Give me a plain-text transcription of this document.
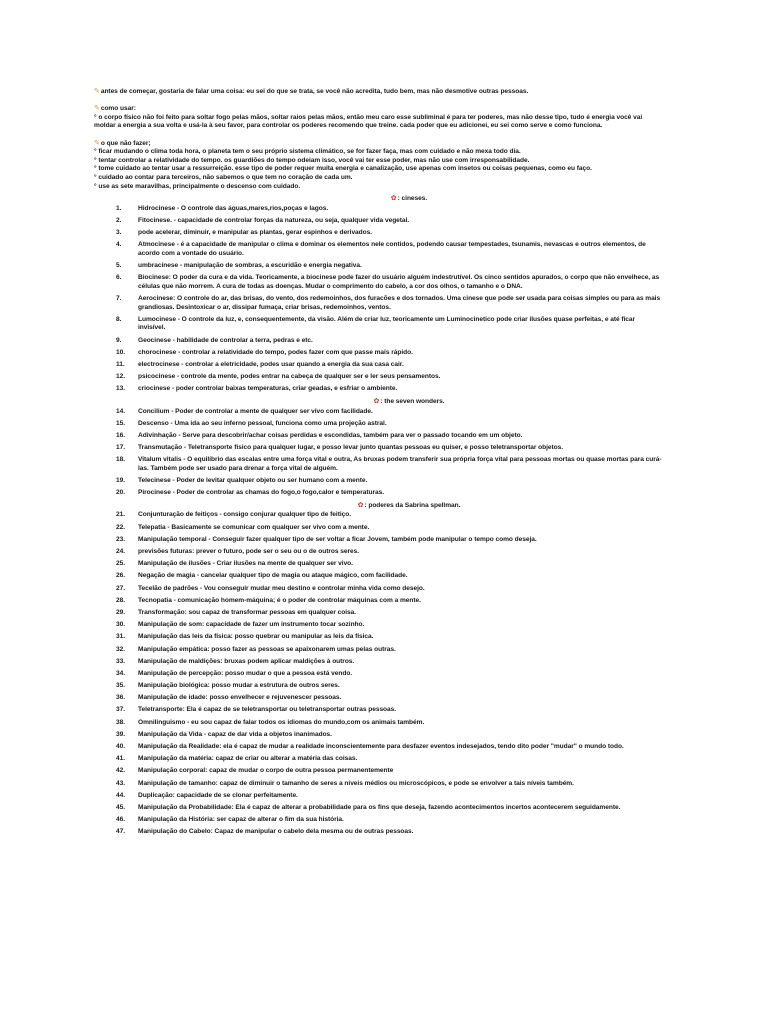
✎antes de começar, gostaria de falar uma coisa: eu sei do que se trata, se você não acredita, tudo bem, mas não desmotive outras pessoas.

✎como usar:

° o corpo físico não foi feito para soltar fogo pelas mãos, soltar raios pelas mãos, então meu caro esse subliminal é para ter poderes, mas não desse tipo, tudo é energia você vai moldar a energia a sua volta e usá-la à seu favor, para controlar os poderes recomendo que treine. cada poder que eu adicionei, eu sei como serve e como funciona.

✎o que não fazer;

° ficar mudando o clima toda hora, o planeta tem o seu próprio sistema climático, se for fazer faça, mas com cuidado e não mexa todo dia.

° tentar controlar a relatividade do tempo. os guardiões do tempo odeiam isso, você vai ter esse poder, mas não use com irresponsabilidade.

° tome cuidado ao tentar usar a ressurreição. esse tipo de poder requer muita energia e canalização, use apenas com insetos ou coisas pequenas, como eu faço.

° cuidado ao contar para terceiros, não sabemos o que tem no coração de cada um.

° use as sete maravilhas, principalmente o descenso com cuidado.

✿: cineses.

1.	Hidrocinese - O controle das águas,mares,rios,poças e lagos.
2.	Fitocinese. - capacidade de controlar forças da natureza, ou seja, qualquer vida vegetal.
3.	pode acelerar, diminuir, e manipular as plantas, gerar espinhos e derivados.
4.	Atmocinese - é a capacidade de manipular o clima e dominar os elementos nele contidos, podendo causar tempestades, tsunamis, nevascas e outros elementos, de acordo com a vontade do usuário.
5.	umbracinese - manipulação de sombras, a escuridão e energia negativa.
6.	Biocinese: O poder da cura e da vida. Teoricamente, a biocinese pode fazer do usuário alguém indestrutível. Os cinco sentidos apurados, o corpo que não envelhece, as células que não morrem. A cura de todas as doenças. Mudar o comprimento do cabelo, a cor dos olhos, o tamanho e o DNA.
7.	Aerocinese: O controle do ar, das brisas, do vento, dos redemoinhos, dos furacões e dos tornados. Uma cinese que pode ser usada para coisas simples ou para as mais grandiosas. Desintoxicar o ar, dissipar fumaça, criar brisas, redemoinhos, ventos.
8.	Lumocinese - O controle da luz, e, consequentemente, da visão. Além de criar luz, teoricamente um Luminocinetico pode criar ilusões quase perfeitas, e até ficar invisível.
9.	Geocinese - habilidade de controlar a terra, pedras e etc.
10.	chorocinese - controlar a relatividade do tempo, podes fazer com que passe mais rápido.
11.	electrocinese - controlar a eletricidade, podes usar quando a energia da sua casa cair.
12.	psicocinese - controle da mente, podes entrar na cabeça de qualquer ser e ler seus pensamentos.
13.	criocinese - poder controlar baixas temperaturas, criar geadas, e esfriar o ambiente.

✿: the seven wonders.

14.	Concilium - Poder de controlar a mente de qualquer ser vivo com facilidade.
15.	Descenso - Uma ida ao seu inferno pessoal, funciona como uma projeção astral.
16.	Adivinhação - Serve para descobrir/achar coisas perdidas e escondidas, também para ver o passado tocando em um objeto.
17.	Transmutação - Teletransporte físico para qualquer lugar, e posso levar junto quantas pessoas eu quiser, e posso teletransportar objetos.
18.	Vitalum vitalis - O equilíbrio das escalas entre uma força vital e outra, As bruxas podem transferir sua própria força vital para pessoas mortas ou quase mortas para curá-las. Também pode ser usado para drenar a força vital de alguém.
19.	Telecinese - Poder de levitar qualquer objeto ou ser humano com a mente.
20.	Pirocinese - Poder de controlar as chamas do fogo,o fogo,calor e temperaturas.

✿: poderes da Sabrina spellman.

21.	Conjunturação de feitiços - consigo conjurar qualquer tipo de feitiço.
22.	Telepatia - Basicamente se comunicar com qualquer ser vivo com a mente.
23.	Manipulação temporal - Conseguir fazer qualquer tipo de ser voltar a ficar Jovem, também pode manipular o tempo como deseja.
24.	previsões futuras: prever o futuro, pode ser o seu ou o de outros seres.
25.	Manipulação de ilusões - Criar ilusões na mente de qualquer ser vivo.
26.	Negação de magia - cancelar qualquer tipo de magia ou ataque mágico, com facilidade.
27.	Tecelão de padrões - Vou conseguir mudar meu destino e controlar minha vida como desejo.
28.	Tecnopatia - comunicação homem-máquina; é o poder de controlar máquinas com a mente.
29.	Transformação: sou capaz de transformar pessoas em qualquer coisa.
30.	Manipulação de som: capacidade de fazer um instrumento tocar sozinho.
31.	Manipulação das leis da física: posso quebrar ou manipular as leis da física.
32.	Manipulação empática: posso fazer as pessoas se apaixonarem umas pelas outras.
33.	Manipulação de maldições: bruxas podem aplicar maldições à outros.
34.	Manipulação de percepção: posso mudar o que a pessoa está vendo.
35.	Manipulação biológica: posso mudar a estrutura de outros seres.
36.	Manipulação de idade: posso envelhecer e rejuvenescer pessoas.
37.	Teletransporte: Ela é capaz de se teletransportar ou teletransportar outras pessoas.
38.	Omnilinguismo - eu sou capaz de falar todos os idiomas do mundo,com os animais também.
39.	Manipulação da Vida - capaz de dar vida a objetos inanimados.
40.	Manipulação da Realidade: ela é capaz de mudar a realidade inconscientemente para desfazer eventos indesejados, tendo dito poder "mudar" o mundo todo.
41.	Manipulação da matéria: capaz de criar ou alterar a matéria das coisas.
42.	Manipulação corporal: capaz de mudar o corpo de outra pessoa permanentemente
43.	Manipulação de tamanho: capaz de diminuir o tamanho de seres a níveis médios ou microscópicos, e pode se envolver a tais níveis também.
44.	Duplicação: capacidade de se clonar perfeitamente.
45.	Manipulação da Probabilidade: Ela é capaz de alterar a probabilidade para os fins que deseja, fazendo acontecimentos incertos acontecerem seguidamente.
46.	Manipulação da História: ser capaz de alterar o fim da sua história.
47.	Manipulação do Cabelo: Capaz de manipular o cabelo dela mesma ou de outras pessoas.
